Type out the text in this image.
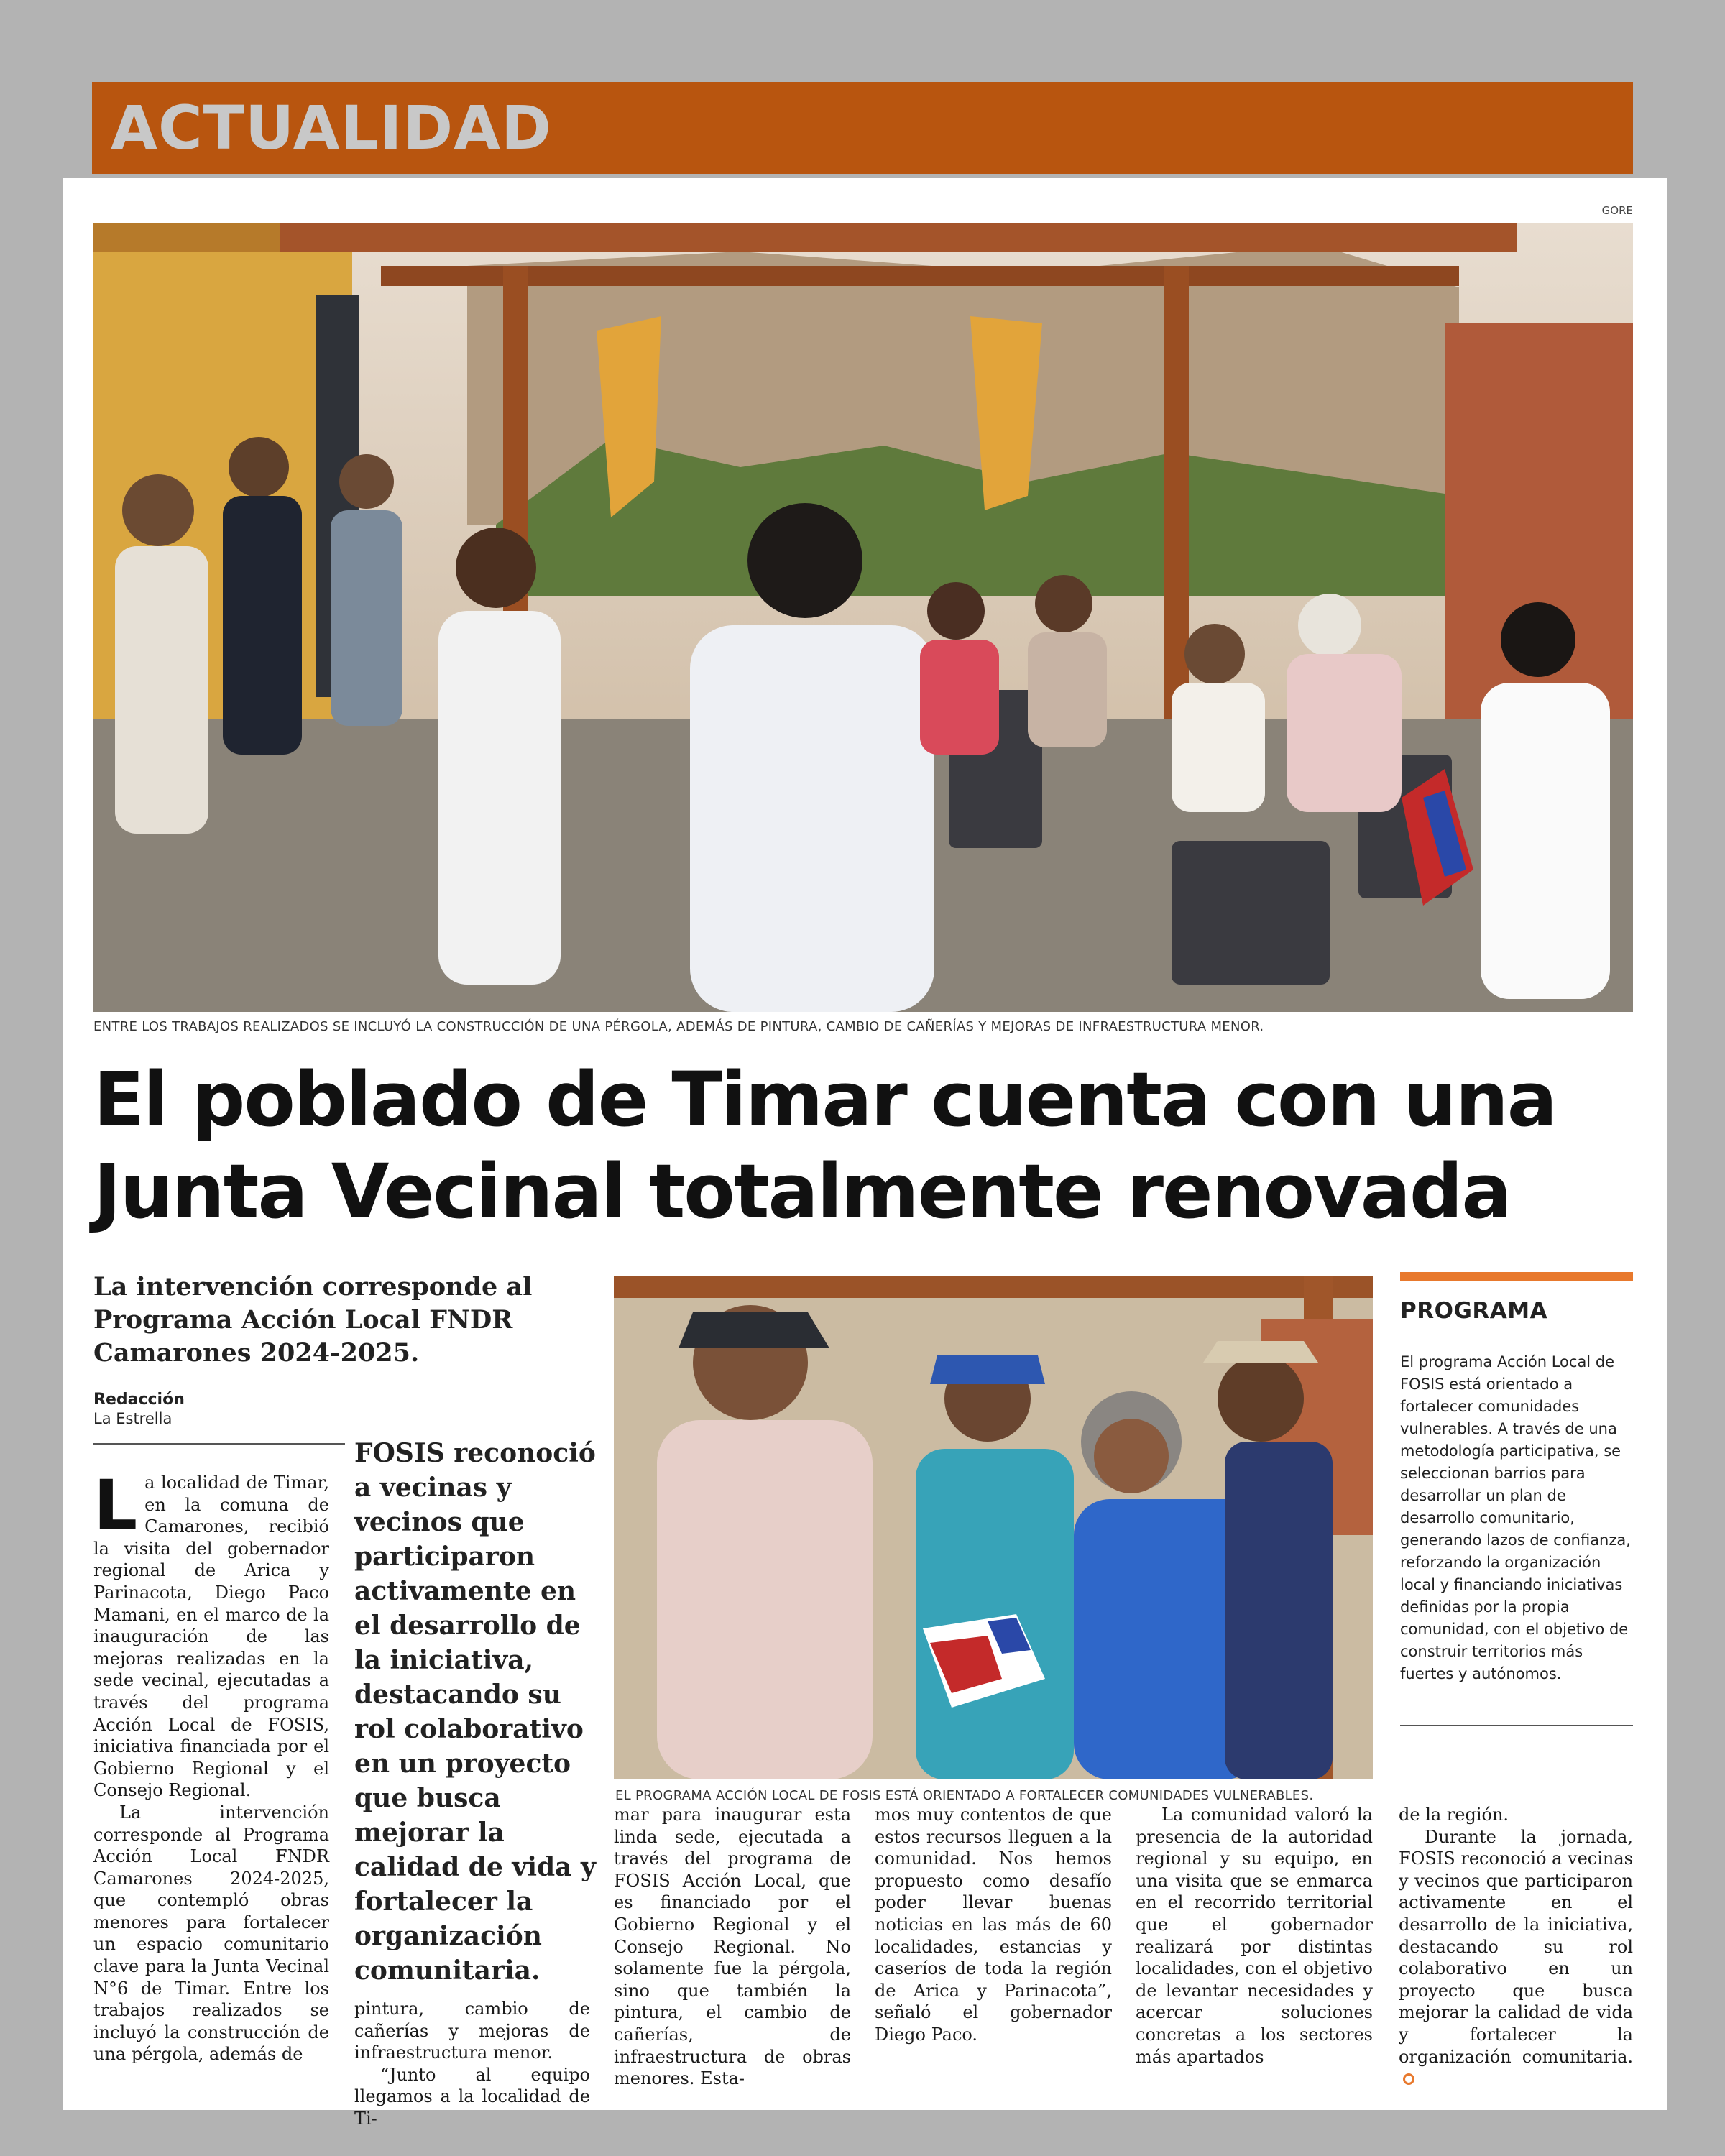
ACTUALIDAD
GORE
ENTRE LOS TRABAJOS REALIZADOS SE INCLUYÓ LA CONSTRUCCIÓN DE UNA PÉRGOLA, ADEMÁS DE PINTURA, CAMBIO DE CAÑERÍAS Y MEJORAS DE INFRAESTRUCTURA MENOR.
El poblado de Timar cuenta con una
Junta Vecinal totalmente renovada
La intervención corresponde al Programa Acción Local FNDR Camarones 2024-2025.
Redacción
La Estrella

La localidad de Timar, en la comuna de Camarones, recibió la visita del gobernador regional de Arica y Parinacota, Diego Paco Mamani, en el marco de la inauguración de las mejoras realizadas en la sede vecinal, ejecutadas a través del programa Acción Local de FOSIS, iniciativa financiada por el Gobierno Regional y el Consejo Regional.

La intervención corresponde al Programa Acción Local FNDR Camarones 2024-2025, que contempló obras menores para fortalecer un espacio comunitario clave para la Junta Vecinal N°6 de Timar. Entre los trabajos realizados se incluyó la construcción de una pérgola, además de

FOSIS reconoció a vecinas y vecinos que participaron activamente en el desarrollo de la iniciativa, destacando su rol colaborativo en un proyecto que busca mejorar la calidad de vida y fortalecer la organización comunitaria.

pintura, cambio de cañerías y mejoras de infraestructura menor.

“Junto al equipo llegamos a la localidad de Ti-

EL PROGRAMA ACCIÓN LOCAL DE FOSIS ESTÁ ORIENTADO A FORTALECER COMUNIDADES VULNERABLES.

mar para inaugurar esta linda sede, ejecutada a través del programa de FOSIS Acción Local, que es financiado por el Gobierno Regional y el Consejo Regional. No solamente fue la pérgola, sino que también la pintura, el cambio de cañerías, de infraestructura de obras menores. Esta-

mos muy contentos de que estos recursos lleguen a la comunidad. Nos hemos propuesto como desafío poder llevar buenas noticias en las más de 60 localidades, estancias y caseríos de toda la región de Arica y Parinacota”, señaló el gobernador Diego Paco.

La comunidad valoró la presencia de la autoridad regional y su equipo, en una visita que se enmarca en el recorrido territorial que el gobernador realizará por distintas localidades, con el objetivo de levantar necesidades y acercar soluciones concretas a los sectores más apartados

de la región.

Durante la jornada, FOSIS reconoció a vecinas y vecinos que participaron activamente en el desarrollo de la iniciativa, destacando su rol colaborativo en un proyecto que busca mejorar la calidad de vida y fortalecer la organización comunitaria.

PROGRAMA
El programa Acción Local de FOSIS está orientado a fortalecer comunidades vulnerables. A través de una metodología participativa, se seleccionan barrios para desarrollar un plan de desarrollo comunitario, generando lazos de confianza, reforzando la organización local y financiando iniciativas definidas por la propia comunidad, con el objetivo de construir territorios más fuertes y autónomos.
